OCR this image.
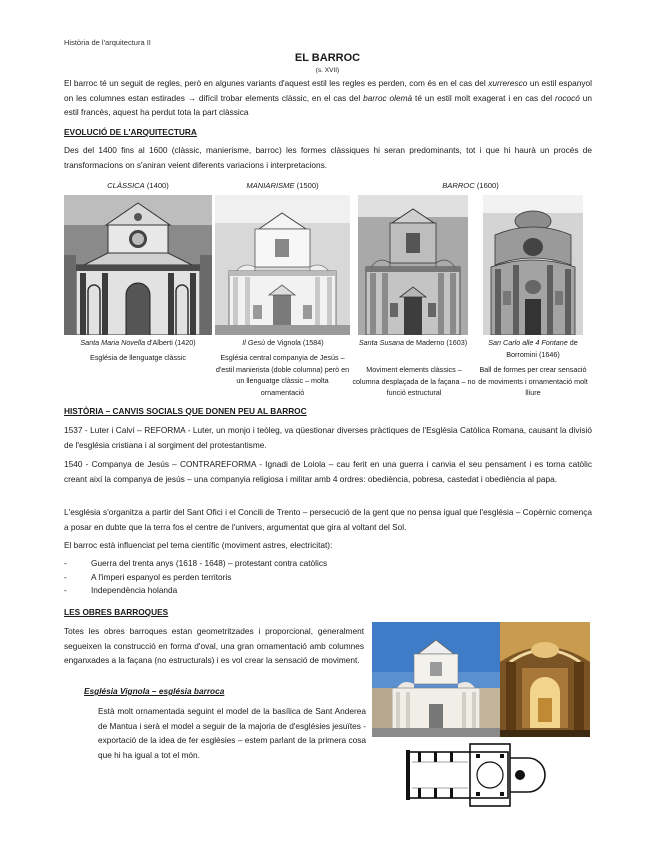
Història de l'arquitectura II
EL BARROC
(s. XVII)
El barroc té un seguit de regles, però en algunes variants d'aquest estil les regles es perden, com és en el cas del xurreresco un estil espanyol on les columnes estan estirades → difícil trobar elements clàssic, en el cas del barroc olemà té un estil molt exagerat i en cas del rococó un estil francès, aquest ha perdut tota la part clàssica
EVOLUCIÓ DE L'ARQUITECTURA
Des del 1400 fins al 1600 (clàssic, manierisme, barroc) les formes clàssiques hi seran predominants, tot i que hi haurà un procés de transformacions on s'aniran veient diferents variacions i interpretacions.
CLÀSSICA (1400)	MANIARISME (1500)	BARROC (1600)
Santa Maria Novella d'Alberti (1420)
Església de llenguatge clàssic
Il Gesù de Vignola (1584)
Església central companyia de Jesús – d'estil manierista (doble columna) però en un llenguatge clàssic – molta ornamentació
Santa Susana de Maderno (1603)
Moviment elements clàssics – columna desplaçada de la façana – no funció estructural
San Carlo alle 4 Fontane de Borromini (1646)
Ball de formes per crear sensació de moviments i ornamentació molt lliure
HISTÒRIA – CANVIS SOCIALS QUE DONEN PEU AL BARROC
1537 - Luter i Calví – REFORMA - Luter, un monjo i teòleg, va qüestionar diverses pràctiques de l'Església Catòlica Romana, causant la divisió de l'església cristiana i al sorgiment del protestantisme.
1540 - Companya de Jesús – CONTRAREFORMA - Ignadi de Loiola – cau ferit en una guerra i canvia el seu pensament i es torna catòlic creant així la companya de jesús – una companyia religiosa i militar amb 4 ordres: obediència, pobresa, castedat i obediència al papa.
L'església s'organitza a partir del Sant Ofici i el Concili de Trento – persecució de la gent que no pensa igual que l'església – Copèrnic comença a posar en dubte que la terra fos el centre de l'univers, argumentat que gira al voltant del Sol.
El barroc està influenciat pel tema científic (moviment astres, electricitat):
- Guerra del trenta anys (1618 - 1648) – protestant contra catòlics
- A l'imperi espanyol es perden territoris
- Independència holanda
LES OBRES BARROQUES
Totes les obres barroques estan geometritzades i proporcional, generalment segueixen la construcció en forma d'oval, una gran ornamentació amb columnes enganxades a la façana (no estructurals) i es vol crear la sensació de moviment.
Església Vignola – església barroca
Està molt ornamentada seguint el model de la basílica de Sant Anderea de Mantua i serà el model a seguir de la majoria de d'esglésies jesuïtes - exportació de la idea de fer esglésies – estem parlant de la primera cosa que hi ha igual a tot el món.
